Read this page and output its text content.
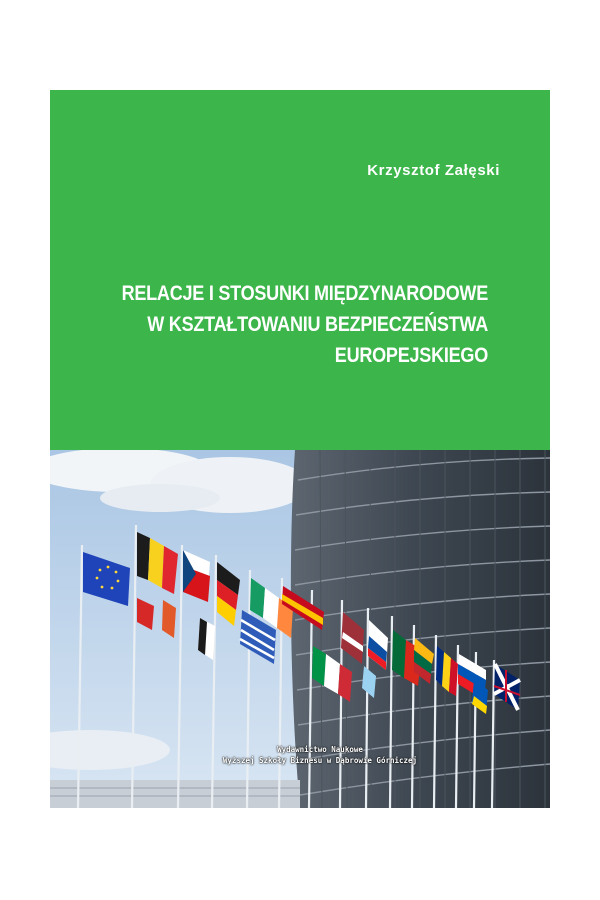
Krzysztof Załęski
RELACJE I STOSUNKI MIĘDZYNARODOWE
W KSZTAŁTOWANIU BEZPIECZEŃSTWA
EUROPEJSKIEGO
Wydawnictwo Naukowe
Wyższej Szkoły Biznesu w Dąbrowie Górniczej
